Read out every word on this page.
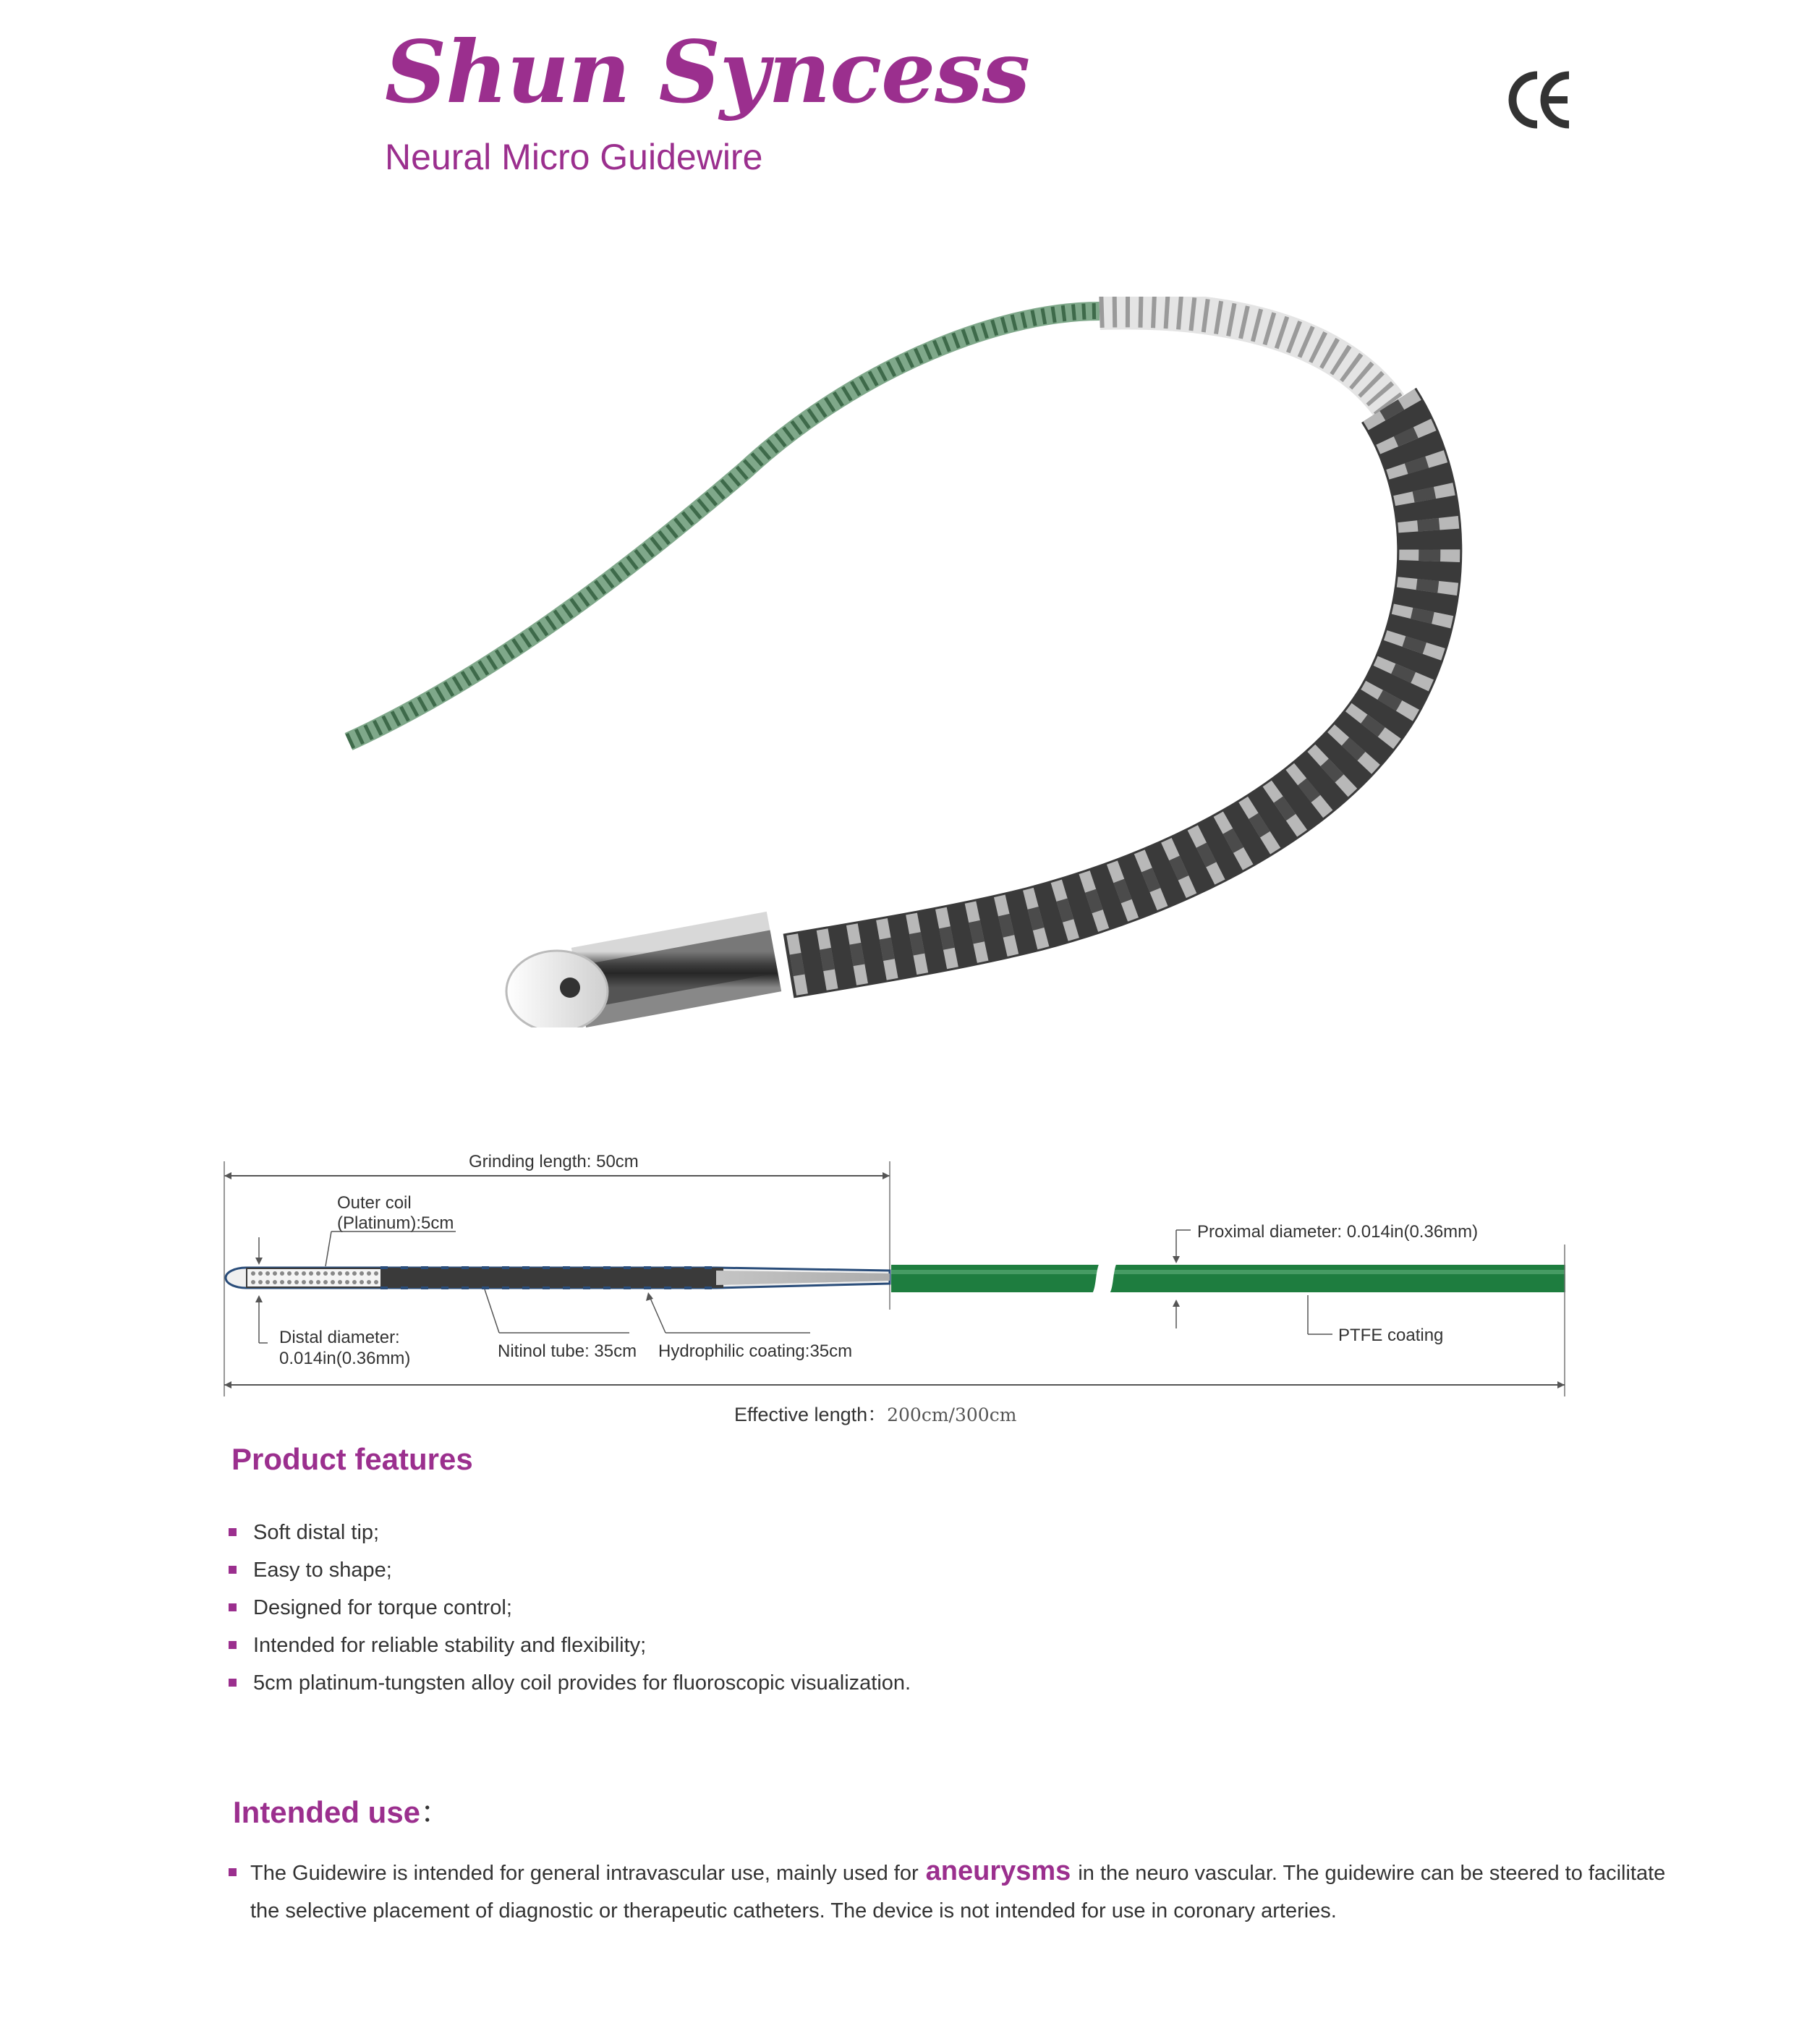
Shun Syncess
Neural Micro Guidewire
Grinding length: 50cm
Outer coil
(Platinum):5cm	Proximal diameter: 0.014in(0.36mm)
Distal diameter:
0.014in(0.36mm)	Nitinol tube: 35cm Hydrophilic coating:35cm
PTFE coating
Effective length：200cm/300cm
Product features
Soft distal tip;
Easy to shape;
Designed for torque control;
Intended for reliable stability and flexibility;
5cm platinum-tungsten alloy coil provides for fluoroscopic visualization.
Intended use：
The Guidewire is intended for general intravascular use, mainly used for aneurysms in the neuro vascular. The guidewire can be steered to facilitate the selective placement of diagnostic or therapeutic catheters. The device is not intended for use in coronary arteries.
